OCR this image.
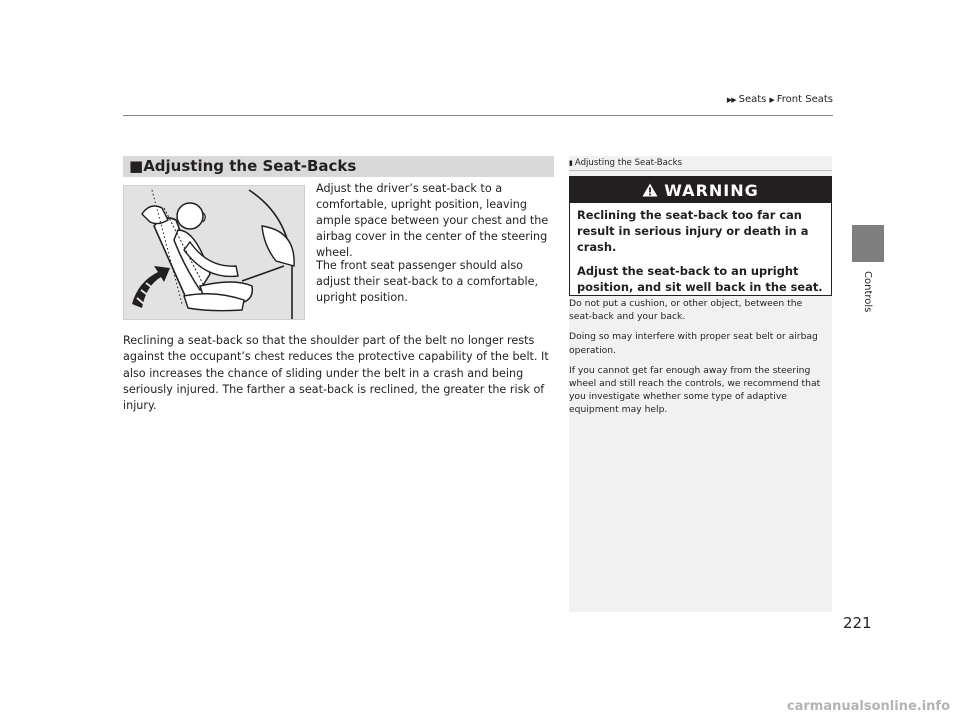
▶▶ Seats ▶ Front Seats
Controls
■Adjusting the Seat-Backs

Adjust the driver’s seat-back to a comfortable, upright position, leaving ample space between your chest and the airbag cover in the center of the steering wheel.

The front seat passenger should also adjust their seat-back to a comfortable, upright position.

Reclining a seat-back so that the shoulder part of the belt no longer rests against the occupant’s chest reduces the protective capability of the belt. It also increases the chance of sliding under the belt in a crash and being seriously injured. The farther a seat-back is reclined, the greater the risk of injury.

▮ Adjusting the Seat-Backs
WARNING

Reclining the seat-back too far can result in serious injury or death in a crash.

Adjust the seat-back to an upright position, and sit well back in the seat.

Do not put a cushion, or other object, between the seat-back and your back.

Doing so may interfere with proper seat belt or airbag operation.

If you cannot get far enough away from the steering wheel and still reach the controls, we recommend that you investigate whether some type of adaptive equipment may help.

221
carmanualsonline.info
